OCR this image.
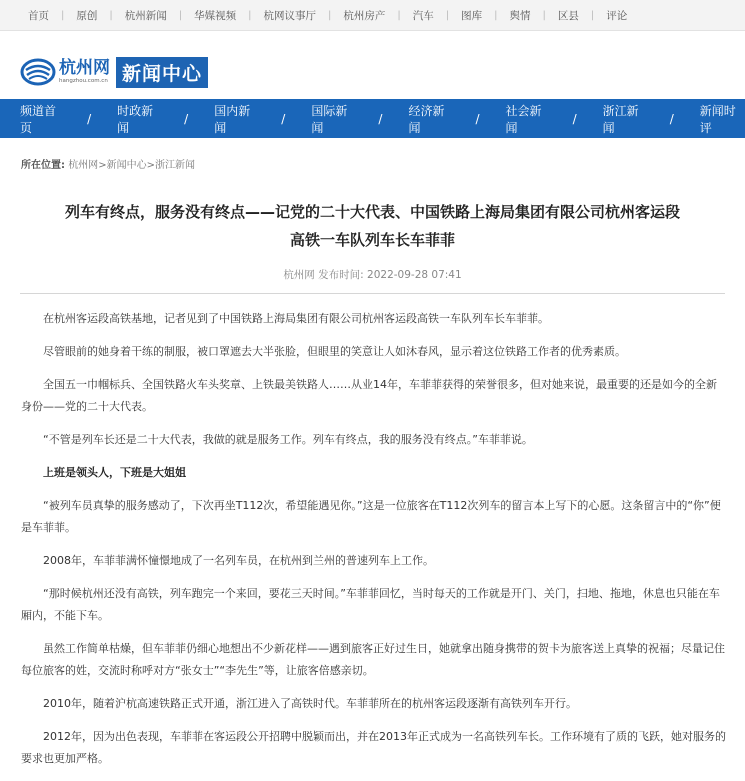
首页 | 原创 | 杭州新闻 | 华媒视频 | 杭网议事厅 | 杭州房产 | 汽车 | 图库 | 舆情 | 区县 | 评论
杭州网
hangzhou.com.cn 新闻中心
频道首页
/
时政新闻
/
国内新闻
/
国际新闻
/
经济新闻
/
社会新闻
/
浙江新闻
/
新闻时评
所在位置: 杭州网>新闻中心>浙江新闻
列车有终点，服务没有终点——记党的二十大代表、中国铁路上海局集团有限公司杭州客运段
高铁一车队列车长车菲菲
杭州网 发布时间: 2022-09-28 07:41

在杭州客运段高铁基地，记者见到了中国铁路上海局集团有限公司杭州客运段高铁一车队列车长车菲菲。

尽管眼前的她身着干练的制服，被口罩遮去大半张脸，但眼里的笑意让人如沐春风，显示着这位铁路工作者的优秀素质。

全国五一巾帼标兵、全国铁路火车头奖章、上铁最美铁路人……从业14年，车菲菲获得的荣誉很多，但对她来说，最重要的还是如今的全新身份——党的二十大代表。

“不管是列车长还是二十大代表，我做的就是服务工作。列车有终点，我的服务没有终点。”车菲菲说。

上班是领头人，下班是大姐姐

“被列车员真挚的服务感动了，下次再坐T112次，希望能遇见你。”这是一位旅客在T112次列车的留言本上写下的心愿。这条留言中的“你”便是车菲菲。

2008年，车菲菲满怀憧憬地成了一名列车员，在杭州到兰州的普速列车上工作。

“那时候杭州还没有高铁，列车跑完一个来回，要花三天时间。”车菲菲回忆，当时每天的工作就是开门、关门，扫地、拖地，休息也只能在车厢内，不能下车。

虽然工作简单枯燥，但车菲菲仍细心地想出不少新花样——遇到旅客正好过生日，她就拿出随身携带的贺卡为旅客送上真挚的祝福；尽量记住每位旅客的姓，交流时称呼对方“张女士”“李先生”等，让旅客倍感亲切。

2010年，随着沪杭高速铁路正式开通，浙江进入了高铁时代。车菲菲所在的杭州客运段逐渐有高铁列车开行。

2012年，因为出色表现，车菲菲在客运段公开招聘中脱颖而出，并在2013年正式成为一名高铁列车长。工作环境有了质的飞跃，她对服务的要求也更加严格。
